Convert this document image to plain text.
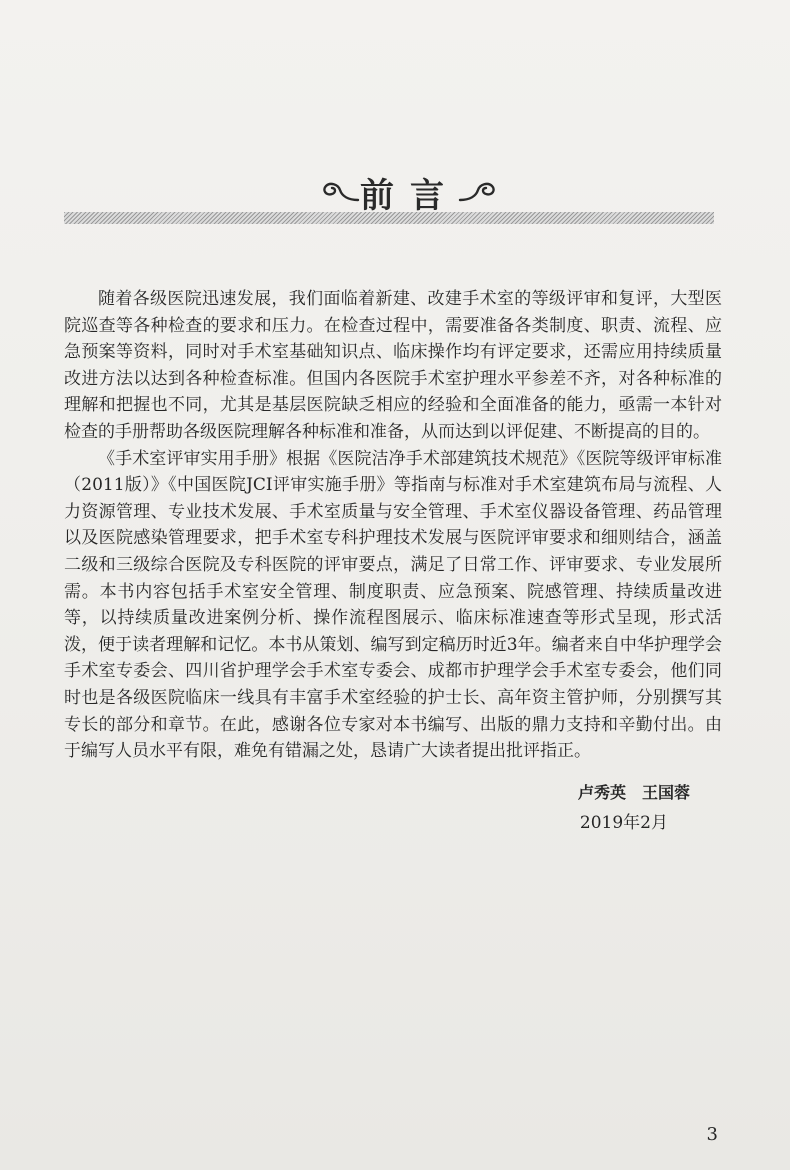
前言

随着各级医院迅速发展，我们面临着新建、改建手术室的等级评审和复评，大型医院巡查等各种检查的要求和压力。在检查过程中，需要准备各类制度、职责、流程、应急预案等资料，同时对手术室基础知识点、临床操作均有评定要求，还需应用持续质量改进方法以达到各种检查标准。但国内各医院手术室护理水平参差不齐，对各种标准的理解和把握也不同，尤其是基层医院缺乏相应的经验和全面准备的能力，亟需一本针对检查的手册帮助各级医院理解各种标准和准备，从而达到以评促建、不断提高的目的。

《手术室评审实用手册》根据《医院洁净手术部建筑技术规范》《医院等级评审标准（2011版）》《中国医院JCI评审实施手册》等指南与标准对手术室建筑布局与流程、人力资源管理、专业技术发展、手术室质量与安全管理、手术室仪器设备管理、药品管理以及医院感染管理要求，把手术室专科护理技术发展与医院评审要求和细则结合，涵盖二级和三级综合医院及专科医院的评审要点，满足了日常工作、评审要求、专业发展所需。本书内容包括手术室安全管理、制度职责、应急预案、院感管理、持续质量改进等，以持续质量改进案例分析、操作流程图展示、临床标准速查等形式呈现，形式活泼，便于读者理解和记忆。本书从策划、编写到定稿历时近3年。编者来自中华护理学会手术室专委会、四川省护理学会手术室专委会、成都市护理学会手术室专委会，他们同时也是各级医院临床一线具有丰富手术室经验的护士长、高年资主管护师，分别撰写其专长的部分和章节。在此，感谢各位专家对本书编写、出版的鼎力支持和辛勤付出。由于编写人员水平有限，难免有错漏之处，恳请广大读者提出批评指正。

卢秀英　王国蓉
2019年2月
3
